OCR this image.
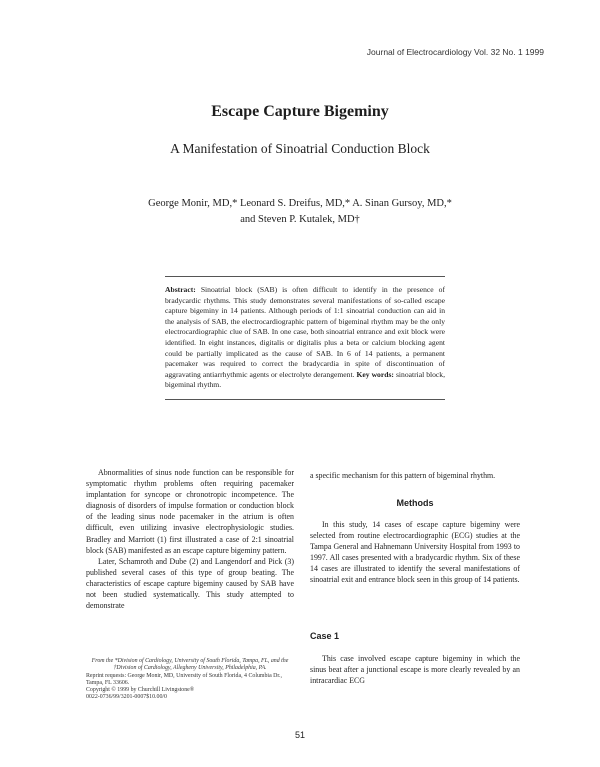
Journal of Electrocardiology Vol. 32 No. 1 1999
Escape Capture Bigeminy
A Manifestation of Sinoatrial Conduction Block
George Monir, MD,* Leonard S. Dreifus, MD,* A. Sinan Gursoy, MD,*
and Steven P. Kutalek, MD†
Abstract: Sinoatrial block (SAB) is often difficult to identify in the presence of bradycardic rhythms. This study demonstrates several manifestations of so-called escape capture bigeminy in 14 patients. Although periods of 1:1 sinoatrial conduction can aid in the analysis of SAB, the electrocardiographic pattern of bigeminal rhythm may be the only electrocardiographic clue of SAB. In one case, both sinoatrial entrance and exit block were identified. In eight instances, digitalis or digitalis plus a beta or calcium blocking agent could be partially implicated as the cause of SAB. In 6 of 14 patients, a permanent pacemaker was required to correct the bradycardia in spite of discontinuation of aggravating antiarrhythmic agents or electrolyte derangement. Key words: sinoatrial block, bigeminal rhythm.

Abnormalities of sinus node function can be responsible for symptomatic rhythm problems often requiring pacemaker implantation for syncope or chronotropic incompetence. The diagnosis of disorders of impulse formation or conduction block of the leading sinus node pacemaker in the atrium is often difficult, even utilizing invasive electrophysiologic studies. Bradley and Marriott (1) first illustrated a case of 2:1 sinoatrial block (SAB) manifested as an escape capture bigeminy pattern.

Later, Schamroth and Dube (2) and Langendorf and Pick (3) published several cases of this type of group beating. The characteristics of escape capture bigeminy caused by SAB have not been studied systematically. This study attempted to demonstrate

a specific mechanism for this pattern of bigeminal rhythm.

Methods

In this study, 14 cases of escape capture bigeminy were selected from routine electrocardiographic (ECG) studies at the Tampa General and Hahnemann University Hospital from 1993 to 1997. All cases presented with a bradycardic rhythm. Six of these 14 cases are illustrated to identify the several manifestations of sinoatrial exit and entrance block seen in this group of 14 patients.

Case 1

This case involved escape capture bigeminy in which the sinus beat after a junctional escape is more clearly revealed by an intracardiac ECG

From the *Division of Cardiology, University of South Florida, Tampa, FL, and the †Division of Cardiology, Allegheny University, Philadelphia, PA.
Reprint requests: George Monir, MD, University of South Florida, 4 Columbia Dr., Tampa, FL 33606.
Copyright © 1999 by Churchill Livingstone®
0022-0736/99/3201-0007$10.00/0
51
